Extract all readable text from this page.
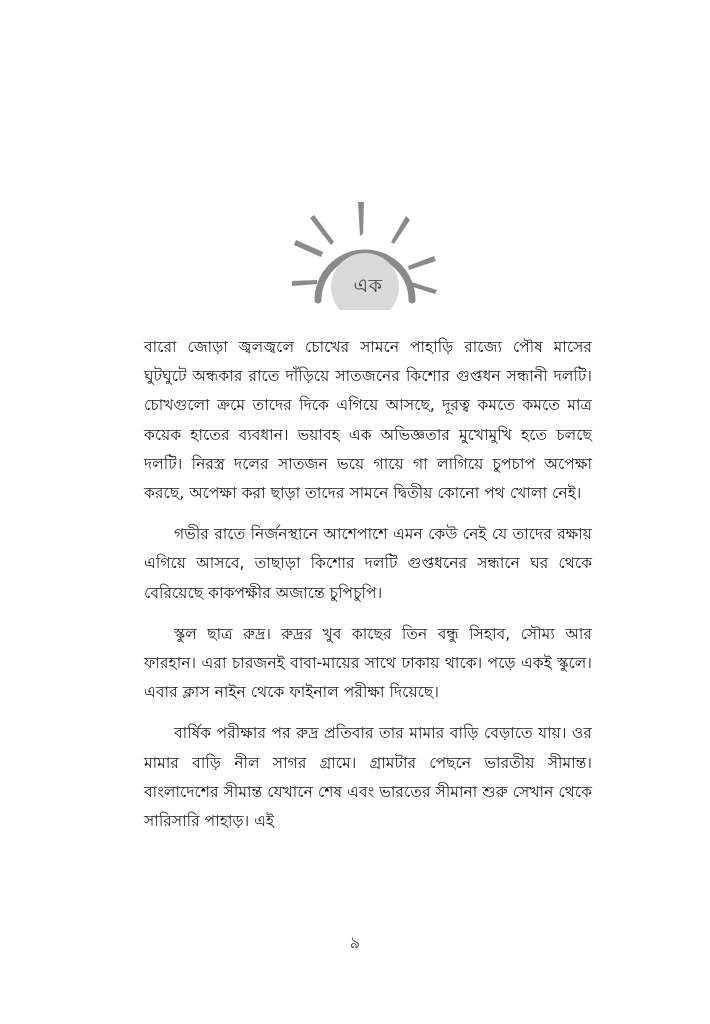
এক

বারো জোড়া জ্বলজ্বলে চোখের সামনে পাহাড়ি রাজ্যে পৌষ মাসের ঘুটঘুটে অন্ধকার রাতে দাঁড়িয়ে সাতজনের কিশোর গুপ্তধন সন্ধানী দলটি। চোখগুলো ক্রমে তাদের দিকে এগিয়ে আসছে, দূরত্ব কমতে কমতে মাত্র কয়েক হাতের ব্যবধান। ভয়াবহ এক অভিজ্ঞতার মুখোমুখি হতে চলছে দলটি। নিরস্ত্র দলের সাতজন ভয়ে গায়ে গা লাগিয়ে চুপচাপ অপেক্ষা করছে, অপেক্ষা করা ছাড়া তাদের সামনে দ্বিতীয় কোনো পথ খোলা নেই।

গভীর রাতে নির্জনস্থানে আশেপাশে এমন কেউ নেই যে তাদের রক্ষায় এগিয়ে আসবে, তাছাড়া কিশোর দলটি গুপ্তধনের সন্ধানে ঘর থেকে বেরিয়েছে কাকপক্ষীর অজান্তে চুপিচুপি।

স্কুল ছাত্র রুদ্র। রুদ্রর খুব কাছের তিন বন্ধু সিহাব, সৌম্য আর ফারহান। এরা চারজনই বাবা-মায়ের সাথে ঢাকায় থাকে। পড়ে একই স্কুলে। এবার ক্লাস নাইন থেকে ফাইনাল পরীক্ষা দিয়েছে।

বার্ষিক পরীক্ষার পর রুদ্র প্রতিবার তার মামার বাড়ি বেড়াতে যায়। ওর মামার বাড়ি নীল সাগর গ্রামে। গ্রামটার পেছনে ভারতীয় সীমান্ত। বাংলাদেশের সীমান্ত যেখানে শেষ এবং ভারতের সীমানা শুরু সেখান থেকে সারিসারি পাহাড়। এই

৯
